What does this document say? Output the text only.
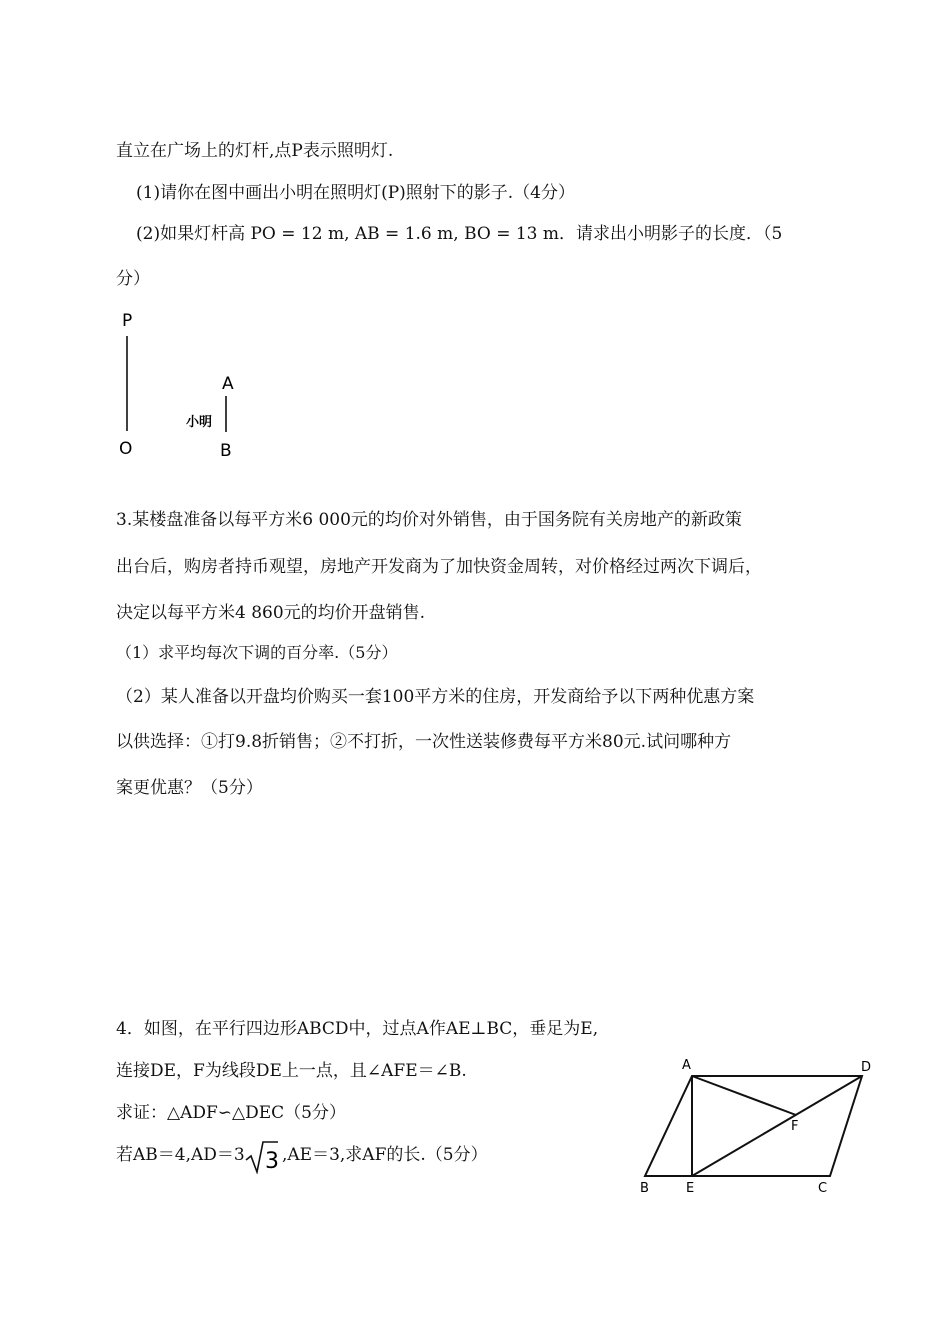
直立在广场上的灯杆,点P表示照明灯.
(1)请你在图中画出小明在照明灯(P)照射下的影子.（4分）
(2)如果灯杆高 PO = 12 m, AB = 1.6 m, BO = 13 m．请求出小明影子的长度．（5
分）
P
O
A
小明
B
3.某楼盘准备以每平方米6 000元的均价对外销售，由于国务院有关房地产的新政策
出台后，购房者持币观望，房地产开发商为了加快资金周转，对价格经过两次下调后，
决定以每平方米4 860元的均价开盘销售.
（1）求平均每次下调的百分率.（5分）
（2）某人准备以开盘均价购买一套100平方米的住房，开发商给予以下两种优惠方案
以供选择：①打9.8折销售；②不打折，一次性送装修费每平方米80元.试问哪种方
案更优惠？（5分）
4．如图，在平行四边形ABCD中，过点A作AE⊥BC，垂足为E,
连接DE，F为线段DE上一点，且∠AFE＝∠B.
求证：△ADF∽△DEC（5分）
若AB＝4,AD＝3 3 ,AE＝3,求AF的长.（5分）
A	D
F
B	E	C
